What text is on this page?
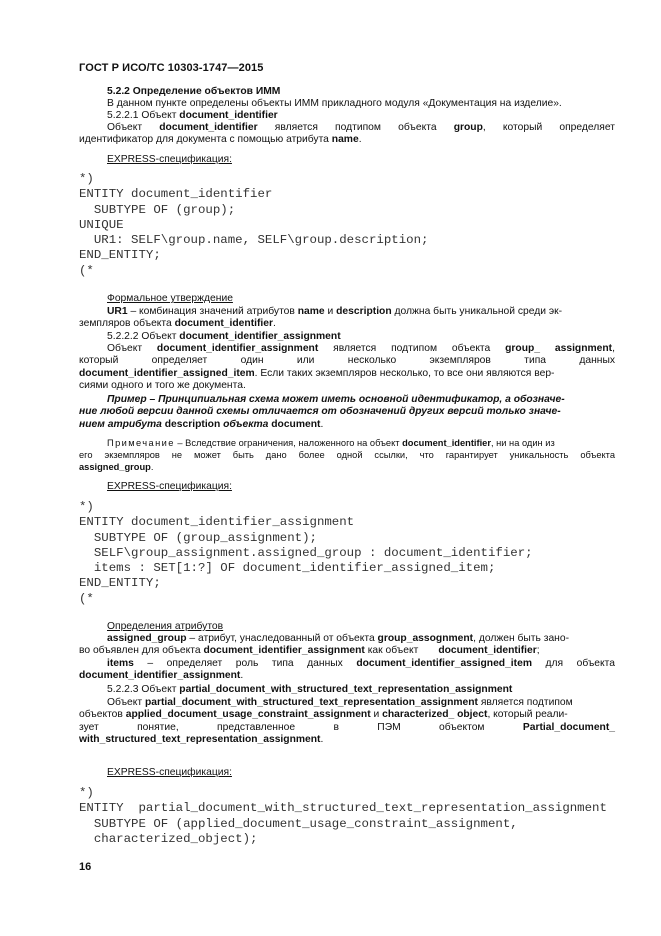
ГОСТ Р ИСО/ТС 10303-1747—2015
5.2.2 Определение объектов ИММ
В данном пункте определены объекты ИММ прикладного модуля «Документация на изделие».
5.2.2.1 Объект document_identifier
Объект document_identifier является подтипом объекта group, который определяет
идентификатор для документа с помощью атрибута name.
EXPRESS-спецификация:
*)
ENTITY document_identifier
SUBTYPE OF (group);
UNIQUE
UR1: SELF\group.name, SELF\group.description;
END_ENTITY;
(*
Формальное утверждение
UR1 – комбинация значений атрибутов name и description должна быть уникальной среди эк-
земпляров объекта document_identifier.
5.2.2.2 Объект document_identifier_assignment
Объект document_identifier_assignment является подтипом объекта group_ assignment,
который определяет один или несколько экземпляров типа данных
document_identifier_assigned_item. Если таких экземпляров несколько, то все они являются вер-
сиями одного и того же документа.
Пример – Принципиальная схема может иметь основной идентификатор, а обозначе-
ние любой версии данной схемы отличается от обозначений других версий только значе-
нием атрибута description объекта document.
Примечание – Вследствие ограничения, наложенного на объект document_identifier, ни на один из
его экземпляров не может быть дано более одной ссылки, что гарантирует уникальность объекта
assigned_group.
EXPRESS-спецификация:
*)
ENTITY document_identifier_assignment
SUBTYPE OF (group_assignment);
SELF\group_assignment.assigned_group : document_identifier;
items : SET[1:?] OF document_identifier_assigned_item;
END_ENTITY;
(*
Определения атрибутов
assigned_group – атрибут, унаследованный от объекта group_assognment, должен быть зано-
во объявлен для объекта document_identifier_assignment как объект       document_identifier;
items – определяет роль типа данных document_identifier_assigned_item для объекта
document_identifier_assignment.
5.2.2.3 Объект partial_document_with_structured_text_representation_assignment
Объект partial_document_with_structured_text_representation_assignment является подтипом
объектов applied_document_usage_constraint_assignment и characterized_ object, который реали-
зует понятие, представленное в ПЭМ объектом Partial_document_
with_structured_text_representation_assignment.
EXPRESS-спецификация:
*)
ENTITY  partial_document_with_structured_text_representation_assignment
SUBTYPE OF (applied_document_usage_constraint_assignment,
characterized_object);
16
